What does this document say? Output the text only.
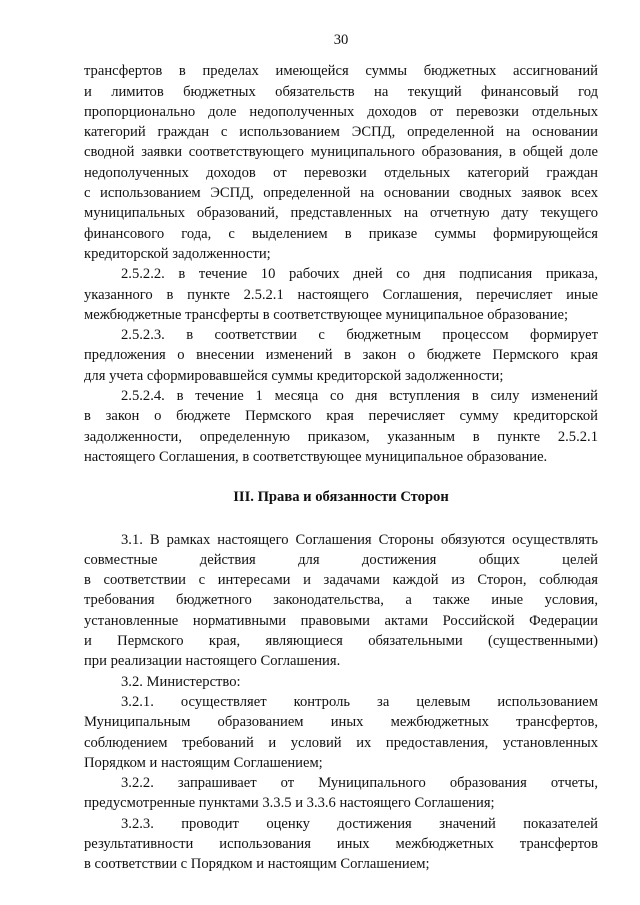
30

трансфертов в пределах имеющейся суммы бюджетных ассигнований

и лимитов бюджетных обязательств на текущий финансовый год

пропорционально доле недополученных доходов от перевозки отдельных

категорий граждан с использованием ЭСПД, определенной на основании

сводной заявки соответствующего муниципального образования, в общей доле

недополученных доходов от перевозки отдельных категорий граждан

с использованием ЭСПД, определенной на основании сводных заявок всех

муниципальных образований, представленных на отчетную дату текущего

финансового года, с выделением в приказе суммы формирующейся

кредиторской задолженности;

2.5.2.2. в течение 10 рабочих дней со дня подписания приказа,

указанного в пункте 2.5.2.1 настоящего Соглашения, перечисляет иные

межбюджетные трансферты в соответствующее муниципальное образование;

2.5.2.3. в соответствии с бюджетным процессом формирует

предложения о внесении изменений в закон о бюджете Пермского края

для учета сформировавшейся суммы кредиторской задолженности;

2.5.2.4. в течение 1 месяца со дня вступления в силу изменений

в закон о бюджете Пермского края перечисляет сумму кредиторской

задолженности, определенную приказом, указанным в пункте 2.5.2.1

настоящего Соглашения, в соответствующее муниципальное образование.

III. Права и обязанности Сторон

3.1. В рамках настоящего Соглашения Стороны обязуются осуществлять

совместные действия для достижения общих целей

в соответствии с интересами и задачами каждой из Сторон, соблюдая

требования бюджетного законодательства, а также иные условия,

установленные нормативными правовыми актами Российской Федерации

и Пермского края, являющиеся обязательными (существенными)

при реализации настоящего Соглашения.

3.2. Министерство:

3.2.1. осуществляет контроль за целевым использованием

Муниципальным образованием иных межбюджетных трансфертов,

соблюдением требований и условий их предоставления, установленных

Порядком и настоящим Соглашением;

3.2.2. запрашивает от Муниципального образования отчеты,

предусмотренные пунктами 3.3.5 и 3.3.6 настоящего Соглашения;

3.2.3. проводит оценку достижения значений показателей

результативности использования иных межбюджетных трансфертов

в соответствии с Порядком и настоящим Соглашением;
